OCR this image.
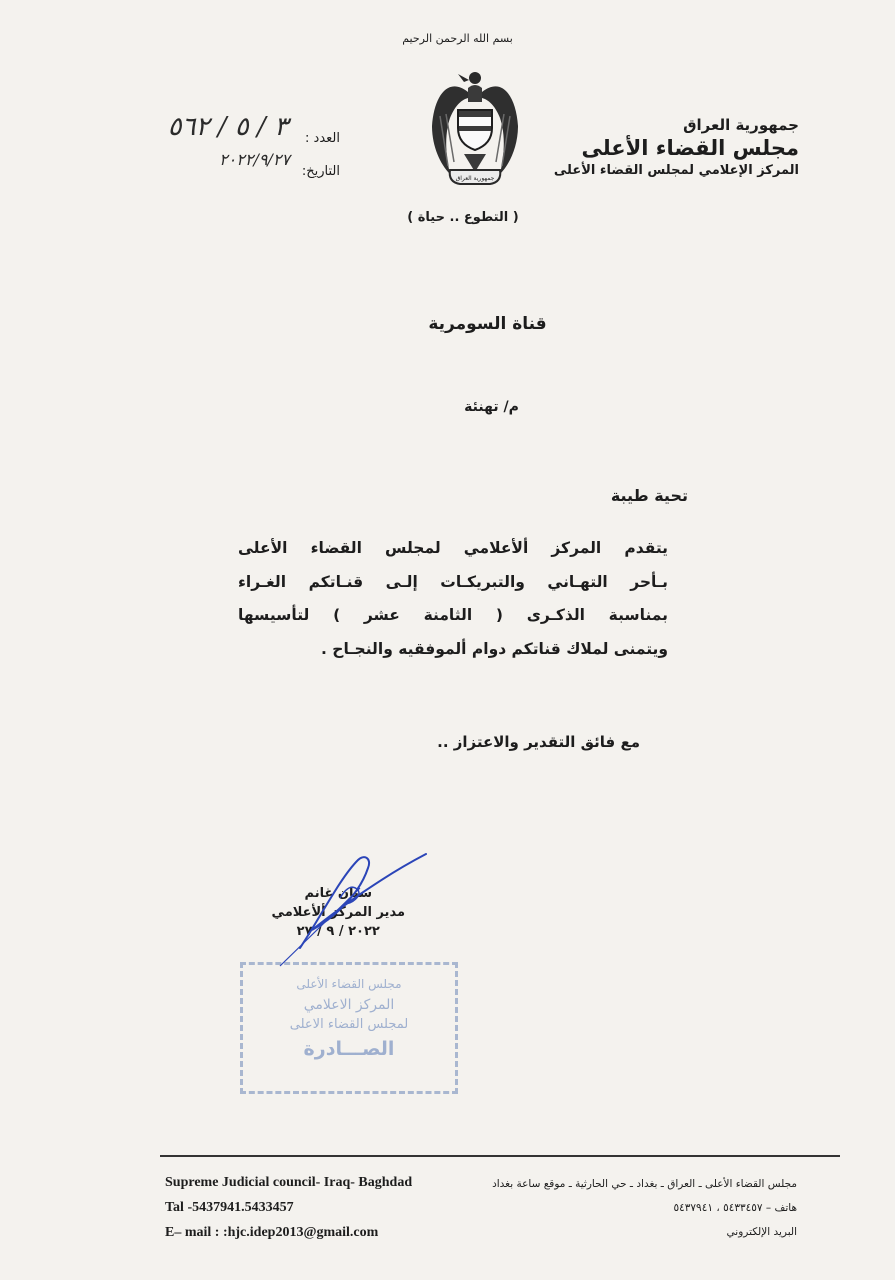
بسم الله الرحمن الرحيم
جمهورية العراق
جمهورية العراق
مجلس القضاء الأعلى
المركز الإعلامي لمجلس القضاء الأعلى
( التطوع .. حياة )
العدد :
التاريخ:
٣ / ٥ / ٥٦٢
٢٠٢٢/٩/٢٧
قناة السومرية
م/ تهنئة
تحية طيبة
يتقدم المركز ألأعلامي لمجلس القضاء الأعلى
بـأحر التهـاني والتبريكـات إلـى قنـاتكم الغـراء
بمناسبة الذكـرى ( الثامنة عشر ) لتأسيسها
ويتمنى لملاك قناتكم دوام ألموفقيه والنجـاح .
مع فائق التقدير والاعتزاز ..
مجلس القضاء الأعلى
المركز الاعلامي
لمجلس القضاء الاعلى
الصـــادرة
سنان غانم
مدير المركز ألأعلامي
٢٠٢٢ / ٩ / ٢٧
Supreme Judicial council- Iraq- Baghdad
Tal -5437941.5433457
E– mail : :hjc.idep2013@gmail.com
مجلس القضاء الأعلى ـ العراق ـ بغداد ـ حي الحارثية ـ موقع ساعة بغداد
هاتف – ٥٤٣٣٤٥٧ ، ٥٤٣٧٩٤١
البريد الإلكتروني
